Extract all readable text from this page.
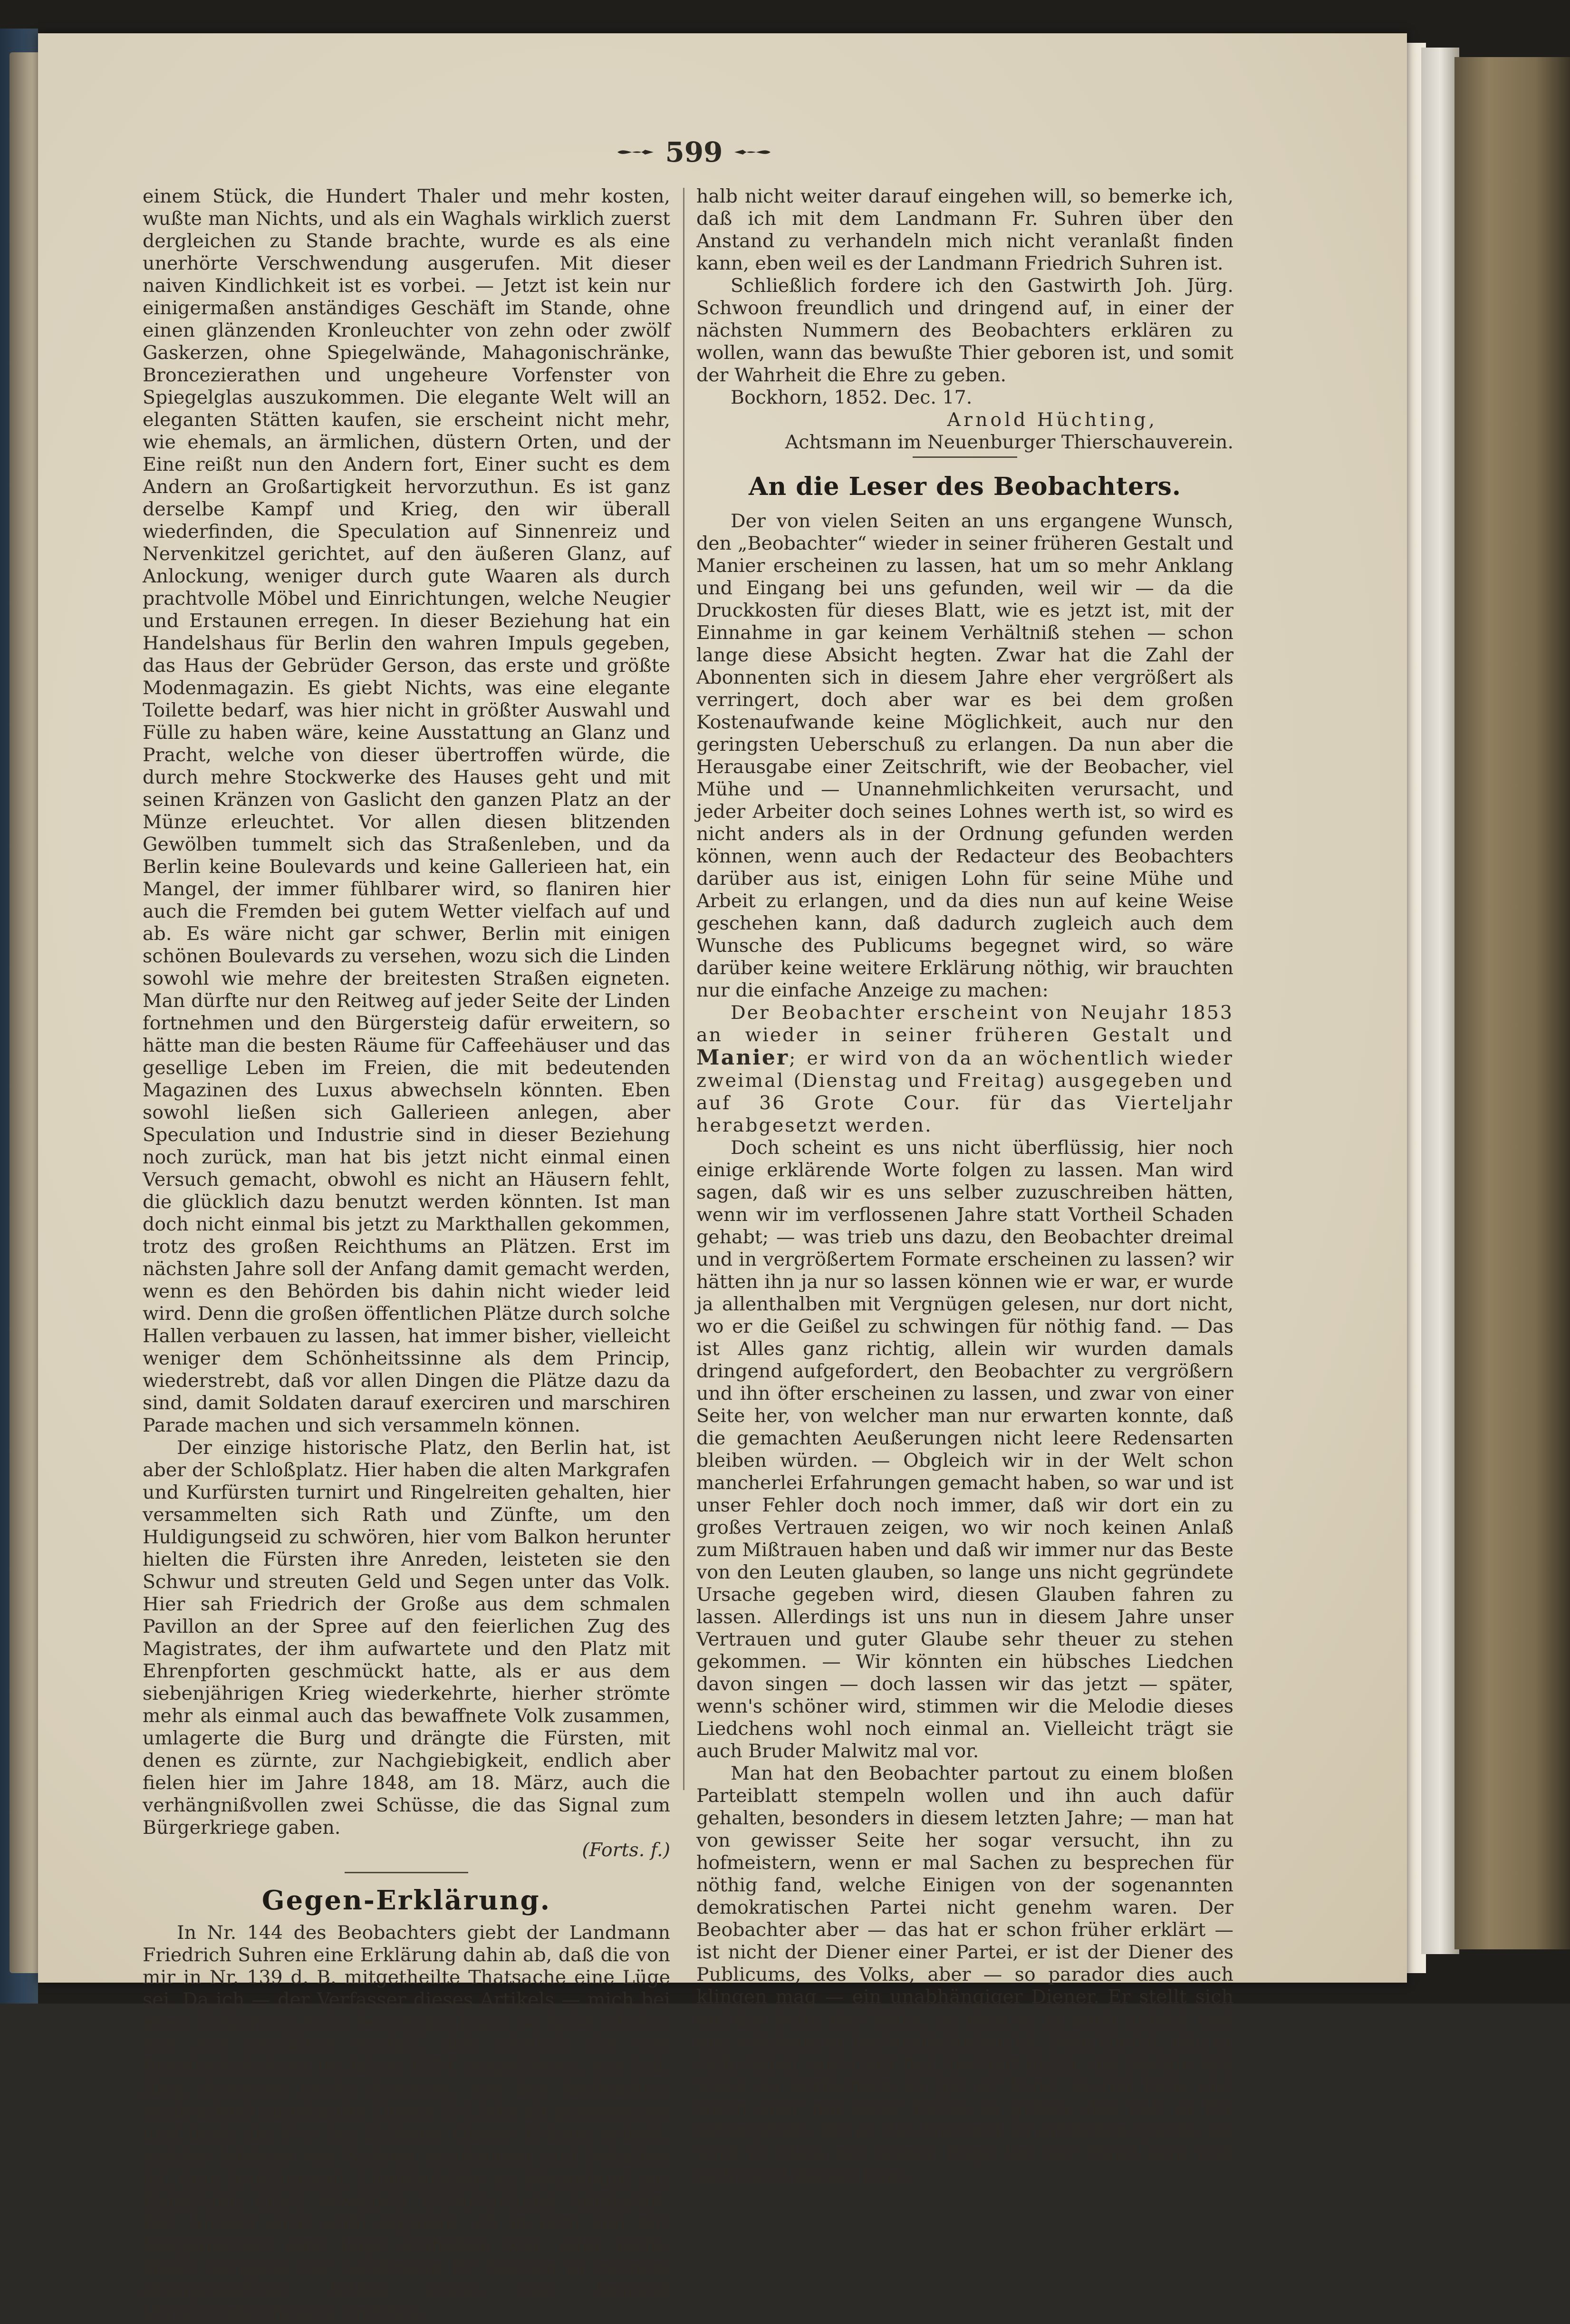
599

einem Stück, die Hundert Thaler und mehr kosten, wußte man Nichts, und als ein Waghals wirklich zuerst dergleichen zu Stande brachte, wurde es als eine unerhörte Verschwendung ausgerufen. Mit dieser naiven Kindlichkeit ist es vorbei. — Jetzt ist kein nur einigermaßen anständiges Geschäft im Stande, ohne einen glänzenden Kronleuchter von zehn oder zwölf Gaskerzen, ohne Spiegelwände, Mahagonischränke, Broncezierathen und ungeheure Vorfenster von Spiegelglas auszukommen. Die elegante Welt will an eleganten Stätten kaufen, sie erscheint nicht mehr, wie ehemals, an ärmlichen, düstern Orten, und der Eine reißt nun den Andern fort, Einer sucht es dem Andern an Großartigkeit hervorzuthun. Es ist ganz derselbe Kampf und Krieg, den wir überall wiederfinden, die Speculation auf Sinnenreiz und Nervenkitzel gerichtet, auf den äußeren Glanz, auf Anlockung, weniger durch gute Waaren als durch prachtvolle Möbel und Einrichtungen, welche Neugier und Erstaunen erregen. In dieser Beziehung hat ein Handelshaus für Berlin den wahren Impuls gegeben, das Haus der Gebrüder Gerson, das erste und größte Modenmagazin. Es giebt Nichts, was eine elegante Toilette bedarf, was hier nicht in größter Auswahl und Fülle zu haben wäre, keine Ausstattung an Glanz und Pracht, welche von dieser übertroffen würde, die durch mehre Stockwerke des Hauses geht und mit seinen Kränzen von Gaslicht den ganzen Platz an der Münze erleuchtet. Vor allen diesen blitzenden Gewölben tummelt sich das Straßenleben, und da Berlin keine Boulevards und keine Gallerieen hat, ein Mangel, der immer fühlbarer wird, so flaniren hier auch die Fremden bei gutem Wetter vielfach auf und ab. Es wäre nicht gar schwer, Berlin mit einigen schönen Boulevards zu versehen, wozu sich die Linden sowohl wie mehre der breitesten Straßen eigneten. Man dürfte nur den Reitweg auf jeder Seite der Linden fortnehmen und den Bürgersteig dafür erweitern, so hätte man die besten Räume für Caffeehäuser und das gesellige Leben im Freien, die mit bedeutenden Magazinen des Luxus abwechseln könnten. Eben sowohl ließen sich Gallerieen anlegen, aber Speculation und Industrie sind in dieser Beziehung noch zurück, man hat bis jetzt nicht einmal einen Versuch gemacht, obwohl es nicht an Häusern fehlt, die glücklich dazu benutzt werden könnten. Ist man doch nicht einmal bis jetzt zu Markthallen gekommen, trotz des großen Reichthums an Plätzen. Erst im nächsten Jahre soll der Anfang damit gemacht werden, wenn es den Behörden bis dahin nicht wieder leid wird. Denn die großen öffentlichen Plätze durch solche Hallen verbauen zu lassen, hat immer bisher, vielleicht weniger dem Schönheitssinne als dem Princip, wiederstrebt, daß vor allen Dingen die Plätze dazu da sind, damit Soldaten darauf exerciren und marschiren Parade machen und sich versammeln können.

Der einzige historische Platz, den Berlin hat, ist aber der Schloßplatz. Hier haben die alten Markgrafen und Kurfürsten turnirt und Ringelreiten gehalten, hier versammelten sich Rath und Zünfte, um den Huldigungseid zu schwören, hier vom Balkon herunter hielten die Fürsten ihre Anreden, leisteten sie den Schwur und streuten Geld und Segen unter das Volk. Hier sah Friedrich der Große aus dem schmalen Pavillon an der Spree auf den feierlichen Zug des Magistrates, der ihm aufwartete und den Platz mit Ehrenpforten geschmückt hatte, als er aus dem siebenjährigen Krieg wiederkehrte, hierher strömte mehr als einmal auch das bewaffnete Volk zusammen, umlagerte die Burg und drängte die Fürsten, mit denen es zürnte, zur Nachgiebigkeit, endlich aber fielen hier im Jahre 1848, am 18. März, auch die verhängnißvollen zwei Schüsse, die das Signal zum Bürgerkriege gaben.

(Forts. f.)

Gegen-Erklärung.

In Nr. 144 des Beobachters giebt der Landmann Friedrich Suhren eine Erklärung dahin ab, daß die von mir in Nr. 139 d. B. mitgetheilte Thatsache eine Lüge sei. Da ich — der Verfasser dieses Artikels — mich bei jener Erklärung nicht beruhigen kann, so habe ich den von mir erzählten Vorfall, daß nämlich die von Friedrich Suhren im Jahre 1851 vorgeführte, von Joh. Jürg. Schwoon (nicht Schwarz, wie der Beobachter verdruckte) angekaufte Quene 2½ Jahr alt gewesen sei und doch als 1½- bis 2jährige Quene Prämie erhielt, welche letztere von Suhren empfangen und behalten ist, dem großherzogl. Landgerichte zu Neuenburg zur Einleitung einer etwaigen Untersuchung angezeigt. Der Ausfall wird wohl ergeben, ob in dem von mir Mitgetheilten eine Lüge enthalten war, oder nicht. Wenn übrigens der Landmann Fr. Suhren in meinem obengedachten Artikel etwas den Anstand Verletzendes finden, und des-

halb nicht weiter darauf eingehen will, so bemerke ich, daß ich mit dem Landmann Fr. Suhren über den Anstand zu verhandeln mich nicht veranlaßt finden kann, eben weil es der Landmann Friedrich Suhren ist.

Schließlich fordere ich den Gastwirth Joh. Jürg. Schwoon freundlich und dringend auf, in einer der nächsten Nummern des Beobachters erklären zu wollen, wann das bewußte Thier geboren ist, und somit der Wahrheit die Ehre zu geben.

Bockhorn, 1852. Dec. 17.

Arnold Hüchting,

Achtsmann im Neuenburger Thierschauverein.

An die Leser des Beobachters.

Der von vielen Seiten an uns ergangene Wunsch, den „Beobachter“ wieder in seiner früheren Gestalt und Manier erscheinen zu lassen, hat um so mehr Anklang und Eingang bei uns gefunden, weil wir — da die Druckkosten für dieses Blatt, wie es jetzt ist, mit der Einnahme in gar keinem Verhältniß stehen — schon lange diese Absicht hegten. Zwar hat die Zahl der Abonnenten sich in diesem Jahre eher vergrößert als verringert, doch aber war es bei dem großen Kostenaufwande keine Möglichkeit, auch nur den geringsten Ueberschuß zu erlangen. Da nun aber die Herausgabe einer Zeitschrift, wie der Beobacher, viel Mühe und — Unannehmlichkeiten verursacht, und jeder Arbeiter doch seines Lohnes werth ist, so wird es nicht anders als in der Ordnung gefunden werden können, wenn auch der Redacteur des Beobachters darüber aus ist, einigen Lohn für seine Mühe und Arbeit zu erlangen, und da dies nun auf keine Weise geschehen kann, daß dadurch zugleich auch dem Wunsche des Publicums begegnet wird, so wäre darüber keine weitere Erklärung nöthig, wir brauchten nur die einfache Anzeige zu machen:

Der Beobachter erscheint von Neujahr 1853 an wieder in seiner früheren Gestalt und Manier; er wird von da an wöchentlich wieder zweimal (Dienstag und Freitag) ausgegeben und auf 36 Grote Cour. für das Vierteljahr herabgesetzt werden.

Doch scheint es uns nicht überflüssig, hier noch einige erklärende Worte folgen zu lassen. Man wird sagen, daß wir es uns selber zuzuschreiben hätten, wenn wir im verflossenen Jahre statt Vortheil Schaden gehabt; — was trieb uns dazu, den Beobachter dreimal und in vergrößertem Formate erscheinen zu lassen? wir hätten ihn ja nur so lassen können wie er war, er wurde ja allenthalben mit Vergnügen gelesen, nur dort nicht, wo er die Geißel zu schwingen für nöthig fand. — Das ist Alles ganz richtig, allein wir wurden damals dringend aufgefordert, den Beobachter zu vergrößern und ihn öfter erscheinen zu lassen, und zwar von einer Seite her, von welcher man nur erwarten konnte, daß die gemachten Aeußerungen nicht leere Redensarten bleiben würden. — Obgleich wir in der Welt schon mancherlei Erfahrungen gemacht haben, so war und ist unser Fehler doch noch immer, daß wir dort ein zu großes Vertrauen zeigen, wo wir noch keinen Anlaß zum Mißtrauen haben und daß wir immer nur das Beste von den Leuten glauben, so lange uns nicht gegründete Ursache gegeben wird, diesen Glauben fahren zu lassen. Allerdings ist uns nun in diesem Jahre unser Vertrauen und guter Glaube sehr theuer zu stehen gekommen. — Wir könnten ein hübsches Liedchen davon singen — doch lassen wir das jetzt — später, wenn's schöner wird, stimmen wir die Melodie dieses Liedchens wohl noch einmal an. Vielleicht trägt sie auch Bruder Malwitz mal vor.

Man hat den Beobachter partout zu einem bloßen Parteiblatt stempeln wollen und ihn auch dafür gehalten, besonders in diesem letzten Jahre; — man hat von gewisser Seite her sogar versucht, ihn zu hofmeistern, wenn er mal Sachen zu besprechen für nöthig fand, welche Einigen von der sogenannten demokratischen Partei nicht genehm waren. Der Beobachter aber — das hat er schon früher erklärt — ist nicht der Diener einer Partei, er ist der Diener des Publicums, des Volks, aber — so parador dies auch klingen mag — ein unabhängiger Diener. Er stellt sich auf die Seite des Volks, zu dem er ja auch gehört und aus welchem er hervorgegangen ist. Sein Dienst, den er sich selber auferlegt hat, besteht darin, die Rechte des Volks zu verfechten so gut er kann. Durch Dick und Dünn aber mit einer Partei zu gehen, das hält er für schimpflich. Wo er das Unrecht zu erblicken glaubt, da wird er stets mit seiner Rüge bei der Hand sein und sich nicht darum küm-
